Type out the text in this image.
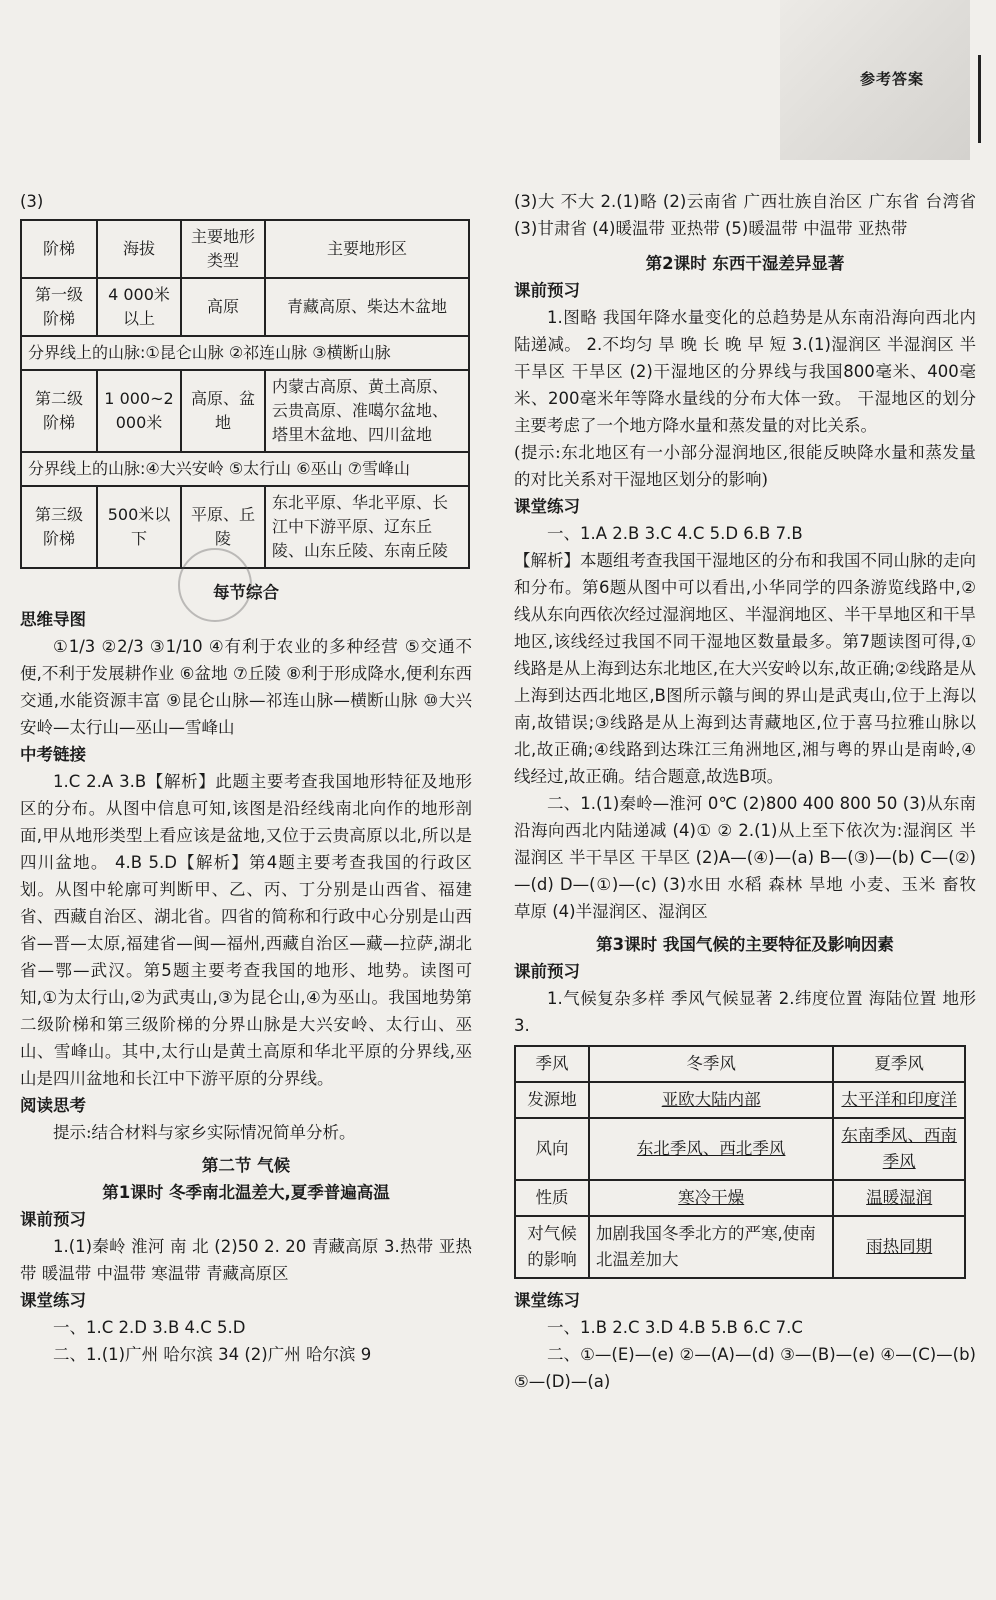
参考答案

(3)

阶梯	海拔	主要地形类型	主要地形区
第一级阶梯	4 000米以上	高原	青藏高原、柴达木盆地
分界线上的山脉:①昆仑山脉 ②祁连山脉 ③横断山脉			
第二级阶梯	1 000~2 000米	高原、盆地	内蒙古高原、黄土高原、云贵高原、准噶尔盆地、塔里木盆地、四川盆地
分界线上的山脉:④大兴安岭 ⑤太行山 ⑥巫山 ⑦雪峰山			
第三级阶梯	500米以下	平原、丘陵	东北平原、华北平原、长江中下游平原、辽东丘陵、山东丘陵、东南丘陵

每节综合

思维导图

①1/3 ②2/3 ③1/10 ④有利于农业的多种经营 ⑤交通不便,不利于发展耕作业 ⑥盆地 ⑦丘陵 ⑧利于形成降水,便利东西交通,水能资源丰富 ⑨昆仑山脉—祁连山脉—横断山脉 ⑩大兴安岭—太行山—巫山—雪峰山

中考链接

1.C 2.A 3.B【解析】此题主要考查我国地形特征及地形区的分布。从图中信息可知,该图是沿经线南北向作的地形剖面,甲从地形类型上看应该是盆地,又位于云贵高原以北,所以是四川盆地。 4.B 5.D【解析】第4题主要考查我国的行政区划。从图中轮廓可判断甲、乙、丙、丁分别是山西省、福建省、西藏自治区、湖北省。四省的简称和行政中心分别是山西省—晋—太原,福建省—闽—福州,西藏自治区—藏—拉萨,湖北省—鄂—武汉。第5题主要考查我国的地形、地势。读图可知,①为太行山,②为武夷山,③为昆仑山,④为巫山。我国地势第二级阶梯和第三级阶梯的分界山脉是大兴安岭、太行山、巫山、雪峰山。其中,太行山是黄土高原和华北平原的分界线,巫山是四川盆地和长江中下游平原的分界线。

阅读思考

提示:结合材料与家乡实际情况简单分析。

第二节 气候

第1课时 冬季南北温差大,夏季普遍高温

课前预习

1.(1)秦岭 淮河 南 北 (2)50 2. 20 青藏高原 3.热带 亚热带 暖温带 中温带 寒温带 青藏高原区

课堂练习

一、1.C 2.D 3.B 4.C 5.D

二、1.(1)广州 哈尔滨 34 (2)广州 哈尔滨 9

(3)大 不大 2.(1)略 (2)云南省 广西壮族自治区 广东省 台湾省 (3)甘肃省 (4)暖温带 亚热带 (5)暖温带 中温带 亚热带

第2课时 东西干湿差异显著

课前预习

1.图略 我国年降水量变化的总趋势是从东南沿海向西北内陆递减。 2.不均匀 旱 晚 长 晚 早 短 3.(1)湿润区 半湿润区 半干旱区 干旱区 (2)干湿地区的分界线与我国800毫米、400毫米、200毫米年等降水量线的分布大体一致。 干湿地区的划分主要考虑了一个地方降水量和蒸发量的对比关系。

(提示:东北地区有一小部分湿润地区,很能反映降水量和蒸发量的对比关系对干湿地区划分的影响)

课堂练习

一、1.A 2.B 3.C 4.C 5.D 6.B 7.B

【解析】本题组考查我国干湿地区的分布和我国不同山脉的走向和分布。第6题从图中可以看出,小华同学的四条游览线路中,②线从东向西依次经过湿润地区、半湿润地区、半干旱地区和干旱地区,该线经过我国不同干湿地区数量最多。第7题读图可得,①线路是从上海到达东北地区,在大兴安岭以东,故正确;②线路是从上海到达西北地区,B图所示赣与闽的界山是武夷山,位于上海以南,故错误;③线路是从上海到达青藏地区,位于喜马拉雅山脉以北,故正确;④线路到达珠江三角洲地区,湘与粤的界山是南岭,④线经过,故正确。结合题意,故选B项。

二、1.(1)秦岭—淮河 0℃ (2)800 400 800 50 (3)从东南沿海向西北内陆递减 (4)① ② 2.(1)从上至下依次为:湿润区 半湿润区 半干旱区 干旱区 (2)A—(④)—(a) B—(③)—(b) C—(②)—(d) D—(①)—(c) (3)水田 水稻 森林 旱地 小麦、玉米 畜牧 草原 (4)半湿润区、湿润区

第3课时 我国气候的主要特征及影响因素

课前预习

1.气候复杂多样 季风气候显著 2.纬度位置 海陆位置 地形 3.

季风	冬季风	夏季风
发源地	亚欧大陆内部	太平洋和印度洋
风向	东北季风、西北季风	东南季风、西南季风
性质	寒冷干燥	温暖湿润
对气候的影响	加剧我国冬季北方的严寒,使南北温差加大	雨热同期

课堂练习

一、1.B 2.C 3.D 4.B 5.B 6.C 7.C

二、①—(E)—(e) ②—(A)—(d) ③—(B)—(e) ④—(C)—(b) ⑤—(D)—(a)
